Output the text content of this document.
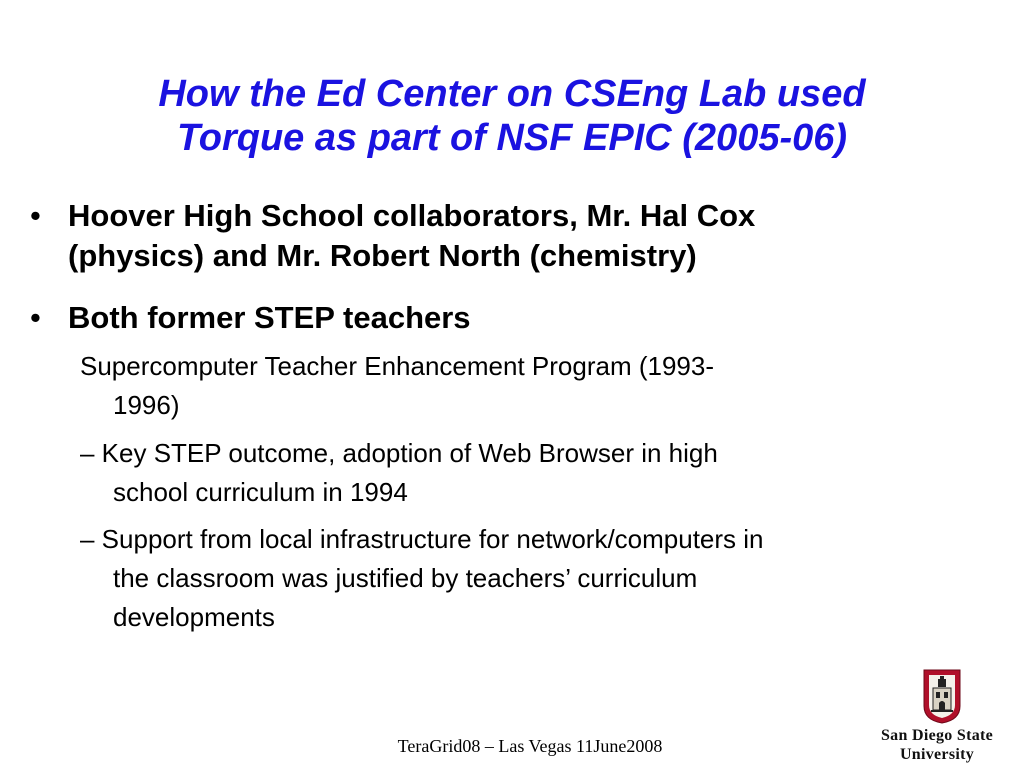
How the Ed Center on CSEng Lab used
Torque as part of NSF EPIC (2005-06)
• Hoover High School collaborators, Mr. Hal Cox
(physics) and Mr. Robert North (chemistry)
• Both former STEP teachers
Supercomputer Teacher Enhancement Program (1993-
1996)
– Key STEP outcome, adoption of Web Browser in high
school curriculum in 1994
– Support from local infrastructure for network/computers in
the classroom was justified by teachers’ curriculum
developments
TeraGrid08 – Las Vegas 11June2008
San Diego State
University
